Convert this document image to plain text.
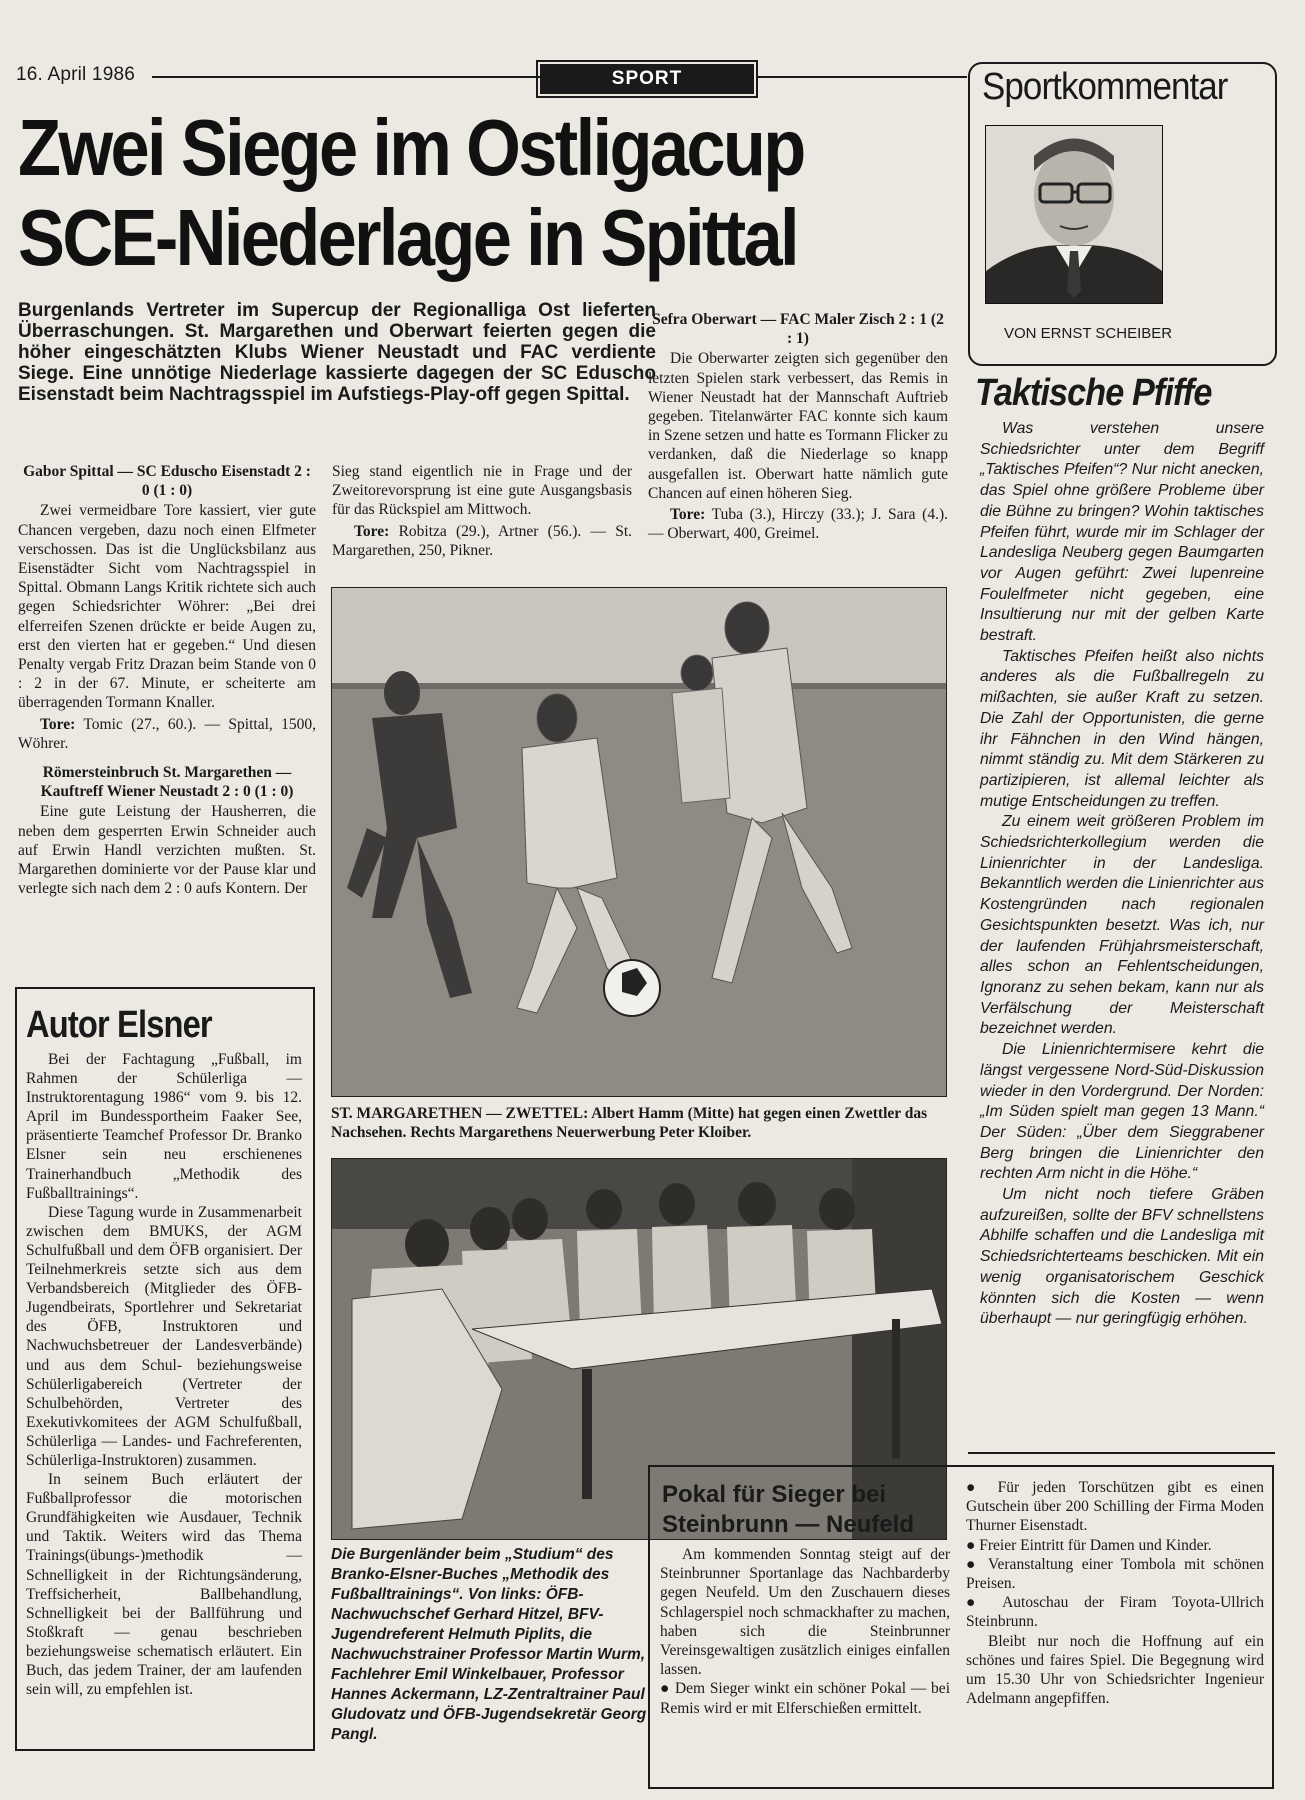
16. April 1986	SPORT
Zwei Siege im Ostligacup
SCE-Niederlage in Spittal
Burgenlands Vertreter im Supercup der Regionalliga Ost lieferten Überraschungen. St. Margarethen und Oberwart feierten gegen die höher eingeschätzten Klubs Wiener Neustadt und FAC verdiente Siege. Eine unnötige Niederlage kassierte dagegen der SC Eduscho Eisenstadt beim Nachtragsspiel im Aufstiegs-Play-off gegen Spittal.

Gabor Spittal — SC Eduscho Eisenstadt 2 : 0 (1 : 0)

Zwei vermeidbare Tore kassiert, vier gute Chancen vergeben, dazu noch einen Elfmeter verschossen. Das ist die Unglücksbilanz aus Eisenstädter Sicht vom Nachtragsspiel in Spittal. Obmann Langs Kritik richtete sich auch gegen Schiedsrichter Wöhrer: „Bei drei elferreifen Szenen drückte er beide Augen zu, erst den vierten hat er gegeben.“ Und diesen Penalty vergab Fritz Drazan beim Stande von 0 : 2 in der 67. Minute, er scheiterte am überragenden Tormann Knaller.

Tore: Tomic (27., 60.). — Spittal, 1500, Wöhrer.

Römersteinbruch St. Margarethen — Kauftreff Wiener Neustadt 2 : 0 (1 : 0)

Eine gute Leistung der Hausherren, die neben dem gesperrten Erwin Schneider auch auf Erwin Handl verzichten mußten. St. Margarethen dominierte vor der Pause klar und verlegte sich nach dem 2 : 0 aufs Kontern. Der

Sieg stand eigentlich nie in Frage und der Zweitorevorsprung ist eine gute Ausgangsbasis für das Rückspiel am Mittwoch.

Tore: Robitza (29.), Artner (56.). — St. Margarethen, 250, Pikner.

Sefra Oberwart — FAC Maler Zisch 2 : 1 (2 : 1)

Die Oberwarter zeigten sich gegenüber den letzten Spielen stark verbessert, das Remis in Wiener Neustadt hat der Mannschaft Auftrieb gegeben. Titelanwärter FAC konnte sich kaum in Szene setzen und hatte es Tormann Flicker zu verdanken, daß die Niederlage so knapp ausgefallen ist. Oberwart hatte nämlich gute Chancen auf einen höheren Sieg.

Tore: Tuba (3.), Hirczy (33.); J. Sara (4.). — Oberwart, 400, Greimel.

ST. MARGARETHEN — ZWETTEL: Albert Hamm (Mitte) hat gegen einen Zwettler das Nachsehen. Rechts Margarethens Neuerwerbung Peter Kloiber.
Die Burgenländer beim „Studium“ des Branko-Elsner-Buches „Methodik des Fußballtrainings“. Von links: ÖFB-Nachwuchschef Gerhard Hitzel, BFV-Jugendreferent Helmuth Piplits, die Nachwuchstrainer Professor Martin Wurm, Fachlehrer Emil Winkelbauer, Professor Hannes Ackermann, LZ-Zentraltrainer Paul Gludovatz und ÖFB-Jugendsekretär Georg Pangl.
Autor Elsner

Bei der Fachtagung „Fußball, im Rahmen der Schülerliga — Instruktorentagung 1986“ vom 9. bis 12. April im Bundessportheim Faaker See, präsentierte Teamchef Professor Dr. Branko Elsner sein neu erschienenes Trainerhandbuch „Methodik des Fußballtrainings“.

Diese Tagung wurde in Zusammenarbeit zwischen dem BMUKS, der AGM Schulfußball und dem ÖFB organisiert. Der Teilnehmerkreis setzte sich aus dem Verbandsbereich (Mitglieder des ÖFB-Jugendbeirats, Sportlehrer und Sekretariat des ÖFB, Instruktoren und Nachwuchsbetreuer der Landesverbände) und aus dem Schul- beziehungsweise Schülerligabereich (Vertreter der Schulbehörden, Vertreter des Exekutivkomitees der AGM Schulfußball, Schülerliga — Landes- und Fachreferenten, Schülerliga-Instruktoren) zusammen.

In seinem Buch erläutert der Fußballprofessor die motorischen Grundfähigkeiten wie Ausdauer, Technik und Taktik. Weiters wird das Thema Trainings(übungs-)methodik — Schnelligkeit in der Richtungsänderung, Treffsicherheit, Ballbehandlung, Schnelligkeit bei der Ballführung und Stoßkraft — genau beschrieben beziehungsweise schematisch erläutert. Ein Buch, das jedem Trainer, der am laufenden sein will, zu empfehlen ist.

Sportkommentar
VON ERNST SCHEIBER
Taktische Pfiffe

Was verstehen unsere Schiedsrichter unter dem Begriff „Taktisches Pfeifen“? Nur nicht anecken, das Spiel ohne größere Probleme über die Bühne zu bringen? Wohin taktisches Pfeifen führt, wurde mir im Schlager der Landesliga Neuberg gegen Baumgarten vor Augen geführt: Zwei lupenreine Foulelfmeter nicht gegeben, eine Insultierung nur mit der gelben Karte bestraft.

Taktisches Pfeifen heißt also nichts anderes als die Fußballregeln zu mißachten, sie außer Kraft zu setzen. Die Zahl der Opportunisten, die gerne ihr Fähnchen in den Wind hängen, nimmt ständig zu. Mit dem Stärkeren zu partizipieren, ist allemal leichter als mutige Entscheidungen zu treffen.

Zu einem weit größeren Problem im Schiedsrichterkollegium werden die Linienrichter in der Landesliga. Bekanntlich werden die Linienrichter aus Kostengründen nach regionalen Gesichtspunkten besetzt. Was ich, nur der laufenden Frühjahrsmeisterschaft, alles schon an Fehlentscheidungen, Ignoranz zu sehen bekam, kann nur als Verfälschung der Meisterschaft bezeichnet werden.

Die Linienrichtermisere kehrt die längst vergessene Nord-Süd-Diskussion wieder in den Vordergrund. Der Norden: „Im Süden spielt man gegen 13 Mann.“ Der Süden: „Über dem Sieggrabener Berg bringen die Linienrichter den rechten Arm nicht in die Höhe.“

Um nicht noch tiefere Gräben aufzureißen, sollte der BFV schnellstens Abhilfe schaffen und die Landesliga mit Schiedsrichterteams beschicken. Mit ein wenig organisatorischem Geschick könnten sich die Kosten — wenn überhaupt — nur geringfügig erhöhen.

Pokal für Sieger bei Steinbrunn — Neufeld

Am kommenden Sonntag steigt auf der Steinbrunner Sportanlage das Nachbarderby gegen Neufeld. Um den Zuschauern dieses Schlagerspiel noch schmackhafter zu machen, haben sich die Steinbrunner Vereinsgewaltigen zusätzlich einiges einfallen lassen.

● Dem Sieger winkt ein schöner Pokal — bei Remis wird er mit Elferschießen ermittelt.

● Für jeden Torschützen gibt es einen Gutschein über 200 Schilling der Firma Moden Thurner Eisenstadt.

● Freier Eintritt für Damen und Kinder.

● Veranstaltung einer Tombola mit schönen Preisen.

● Autoschau der Firam Toyota-Ullrich Steinbrunn.

Bleibt nur noch die Hoffnung auf ein schönes und faires Spiel. Die Begegnung wird um 15.30 Uhr von Schiedsrichter Ingenieur Adelmann angepfiffen.
